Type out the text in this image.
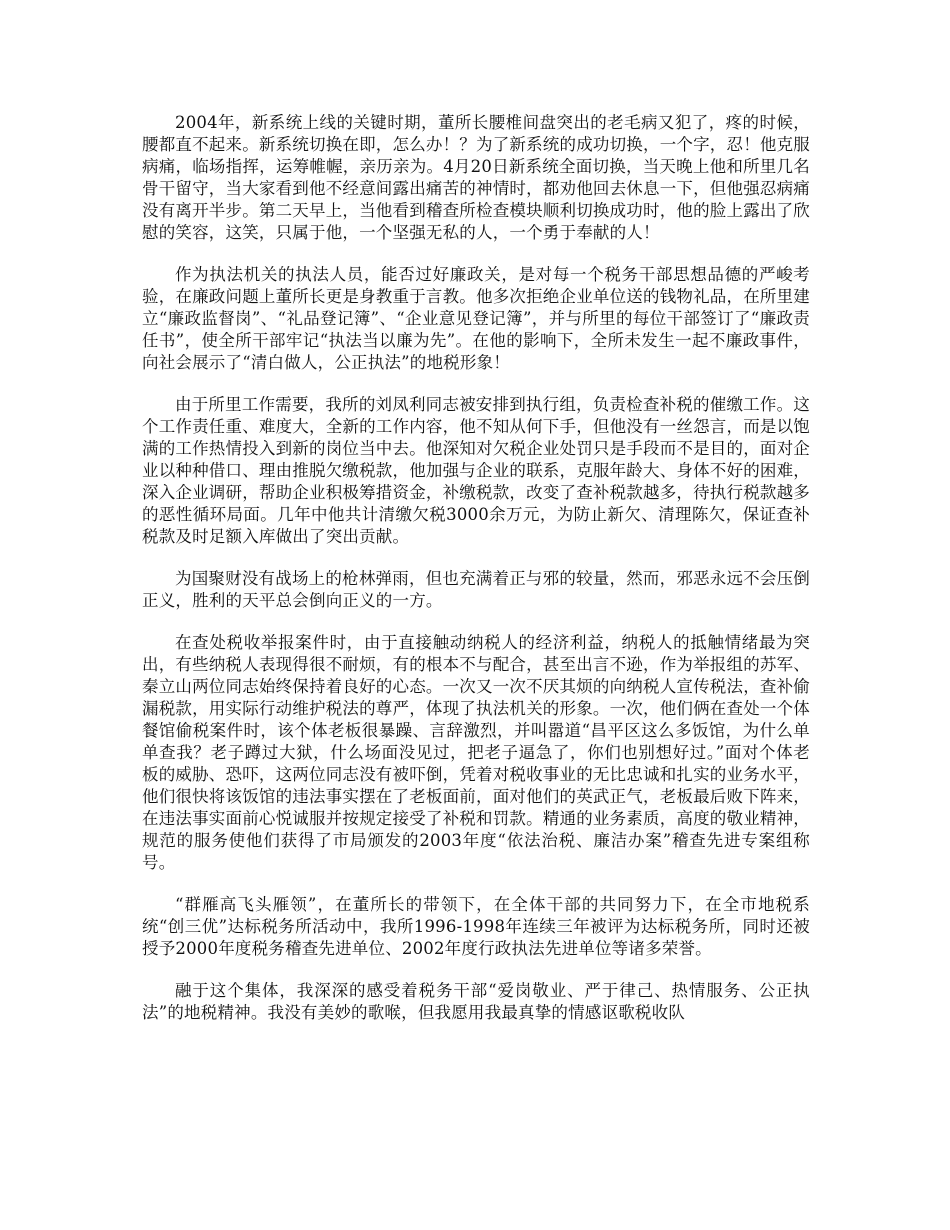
2004年，新系统上线的关键时期，董所长腰椎间盘突出的老毛病又犯了，疼的时候，腰都直不起来。新系统切换在即，怎么办！？为了新系统的成功切换，一个字，忍！他克服病痛，临场指挥，运筹帷幄，亲历亲为。4月20日新系统全面切换，当天晚上他和所里几名骨干留守，当大家看到他不经意间露出痛苦的神情时，都劝他回去休息一下，但他强忍病痛没有离开半步。第二天早上，当他看到稽查所检查模块顺利切换成功时，他的脸上露出了欣慰的笑容，这笑，只属于他，一个坚强无私的人，一个勇于奉献的人！

作为执法机关的执法人员，能否过好廉政关，是对每一个税务干部思想品德的严峻考验，在廉政问题上董所长更是身教重于言教。他多次拒绝企业单位送的钱物礼品，在所里建立“廉政监督岗”、“礼品登记簿”、“企业意见登记簿”，并与所里的每位干部签订了“廉政责任书”，使全所干部牢记“执法当以廉为先”。在他的影响下，全所未发生一起不廉政事件，向社会展示了“清白做人，公正执法”的地税形象！

由于所里工作需要，我所的刘凤利同志被安排到执行组，负责检查补税的催缴工作。这个工作责任重、难度大，全新的工作内容，他不知从何下手，但他没有一丝怨言，而是以饱满的工作热情投入到新的岗位当中去。他深知对欠税企业处罚只是手段而不是目的，面对企业以种种借口、理由推脱欠缴税款，他加强与企业的联系，克服年龄大、身体不好的困难，深入企业调研，帮助企业积极筹措资金，补缴税款，改变了查补税款越多，待执行税款越多的恶性循环局面。几年中他共计清缴欠税3000余万元，为防止新欠、清理陈欠，保证查补税款及时足额入库做出了突出贡献。

为国聚财没有战场上的枪林弹雨，但也充满着正与邪的较量，然而，邪恶永远不会压倒正义，胜利的天平总会倒向正义的一方。

在查处税收举报案件时，由于直接触动纳税人的经济利益，纳税人的抵触情绪最为突出，有些纳税人表现得很不耐烦，有的根本不与配合，甚至出言不逊，作为举报组的苏军、秦立山两位同志始终保持着良好的心态。一次又一次不厌其烦的向纳税人宣传税法，查补偷漏税款，用实际行动维护税法的尊严，体现了执法机关的形象。一次，他们俩在查处一个体餐馆偷税案件时，该个体老板很暴躁、言辞激烈，并叫嚣道“昌平区这么多饭馆，为什么单单查我？老子蹲过大狱，什么场面没见过，把老子逼急了，你们也别想好过。”面对个体老板的威胁、恐吓，这两位同志没有被吓倒，凭着对税收事业的无比忠诚和扎实的业务水平，他们很快将该饭馆的违法事实摆在了老板面前，面对他们的英武正气，老板最后败下阵来，在违法事实面前心悦诚服并按规定接受了补税和罚款。精通的业务素质，高度的敬业精神，规范的服务使他们获得了市局颁发的2003年度“依法治税、廉洁办案”稽查先进专案组称号。

“群雁高飞头雁领”，在董所长的带领下，在全体干部的共同努力下，在全市地税系统“创三优”达标税务所活动中，我所1996-1998年连续三年被评为达标税务所，同时还被授予2000年度税务稽查先进单位、2002年度行政执法先进单位等诸多荣誉。

融于这个集体，我深深的感受着税务干部“爱岗敬业、严于律己、热情服务、公正执法”的地税精神。我没有美妙的歌喉，但我愿用我最真挚的情感讴歌税收队
